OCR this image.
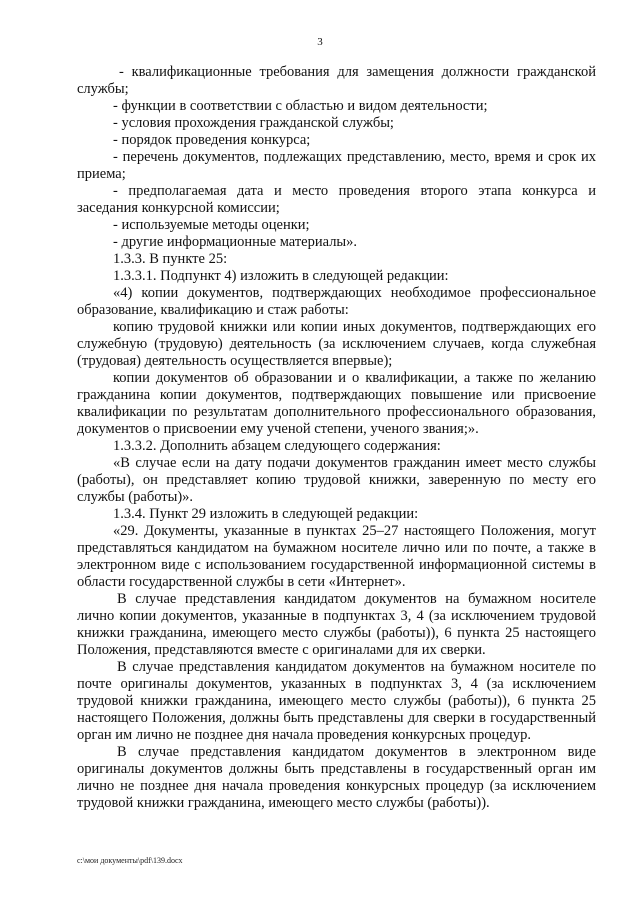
3

- квалификационные требования для замещения должности гражданской службы;

- функции в соответствии с областью и видом деятельности;

- условия прохождения гражданской службы;

- порядок проведения конкурса;

- перечень документов, подлежащих представлению, место, время и срок их приема;

- предполагаемая дата и место проведения второго этапа конкурса и заседания конкурсной комиссии;

- используемые методы оценки;

- другие информационные материалы».

1.3.3. В пункте 25:

1.3.3.1. Подпункт 4) изложить в следующей редакции:

«4) копии документов, подтверждающих необходимое профессиональное образование, квалификацию и стаж работы:

копию трудовой книжки или копии иных документов, подтверждающих его служебную (трудовую) деятельность (за исключением случаев, когда служебная (трудовая) деятельность осуществляется впервые);

копии документов об образовании и о квалификации, а также по желанию гражданина копии документов, подтверждающих повышение или присвоение квалификации по результатам дополнительного профессионального образования, документов о присвоении ему ученой степени, ученого звания;».

1.3.3.2. Дополнить абзацем следующего содержания:

«В случае если на дату подачи документов гражданин имеет место службы (работы), он представляет копию трудовой книжки, заверенную по месту его службы (работы)».

1.3.4. Пункт 29 изложить в следующей редакции:

«29. Документы, указанные в пунктах 25–27 настоящего Положения, могут представляться кандидатом на бумажном носителе лично или по почте, а также в электронном виде с использованием государственной информационной системы в области государственной службы в сети «Интернет».

В случае представления кандидатом документов на бумажном носителе лично копии документов, указанные в подпунктах 3, 4 (за исключением трудовой книжки гражданина, имеющего место службы (работы)), 6 пункта 25 настоящего Положения, представляются вместе с оригиналами для их сверки.

В случае представления кандидатом документов на бумажном носителе по почте оригиналы документов, указанных в подпунктах 3, 4 (за исключением трудовой книжки гражданина, имеющего место службы (работы)), 6 пункта 25 настоящего Положения, должны быть представлены для сверки в государственный орган им лично не позднее дня начала проведения конкурсных процедур.

В случае представления кандидатом документов в электронном виде оригиналы документов должны быть представлены в государственный орган им лично не позднее дня начала проведения конкурсных процедур (за исключением трудовой книжки гражданина, имеющего место службы (работы)).

c:\мои документы\pdf\139.docx
